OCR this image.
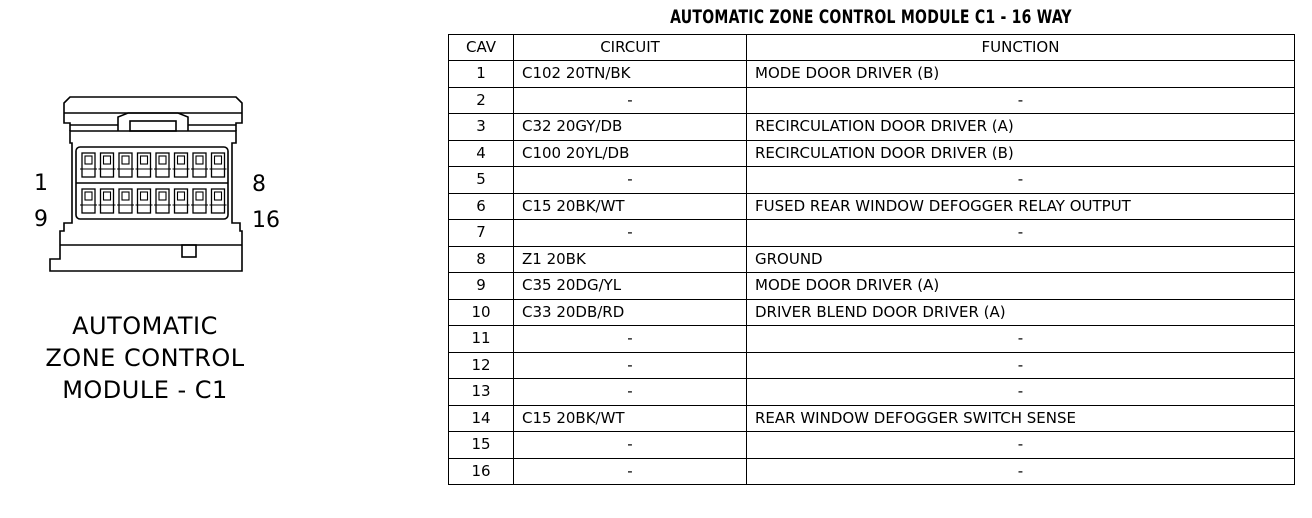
1	8
9	16
AUTOMATIC
ZONE CONTROL
MODULE - C1
AUTOMATIC ZONE CONTROL MODULE C1 - 16 WAY
CAV	CIRCUIT	FUNCTION
1	C102 20TN/BK	MODE DOOR DRIVER (B)
2	-	-
3	C32 20GY/DB	RECIRCULATION DOOR DRIVER (A)
4	C100 20YL/DB	RECIRCULATION DOOR DRIVER (B)
5	-	-
6	C15 20BK/WT	FUSED REAR WINDOW DEFOGGER RELAY OUTPUT
7	-	-
8	Z1 20BK	GROUND
9	C35 20DG/YL	MODE DOOR DRIVER (A)
10	C33 20DB/RD	DRIVER BLEND DOOR DRIVER (A)
11	-	-
12	-	-
13	-	-
14	C15 20BK/WT	REAR WINDOW DEFOGGER SWITCH SENSE
15	-	-
16	-	-
